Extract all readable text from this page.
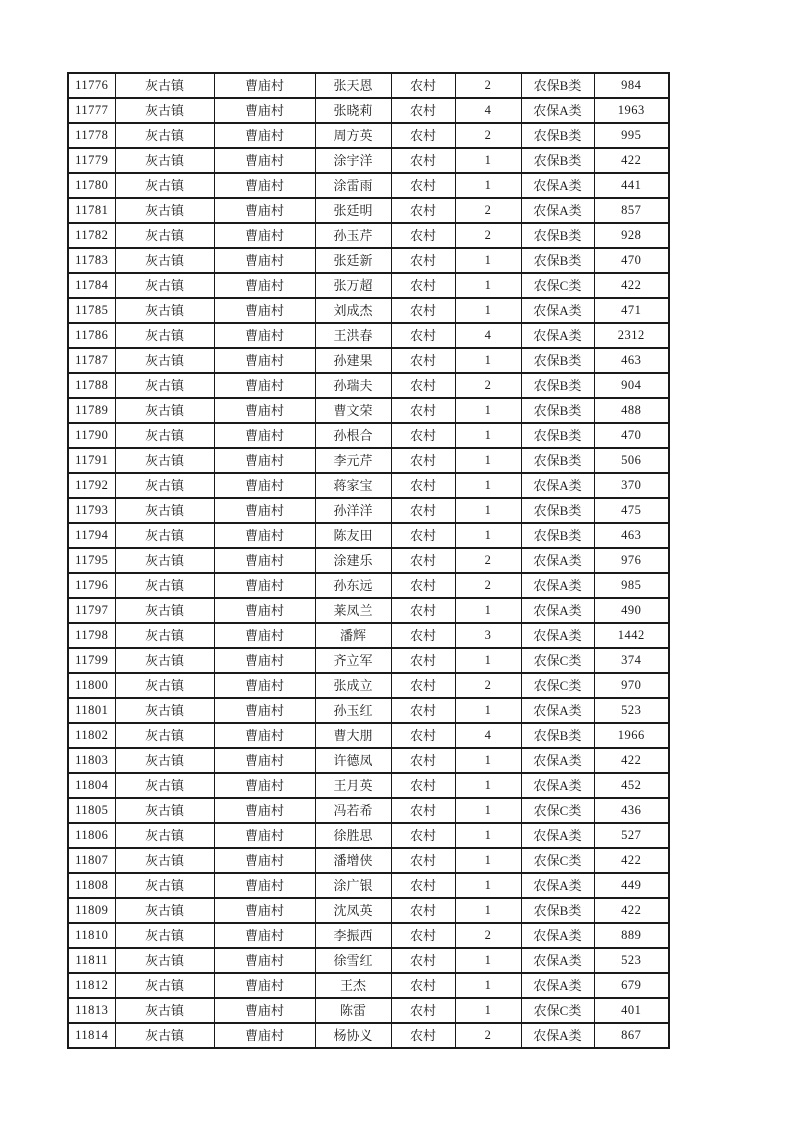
11776	灰古镇	曹庙村	张天恩	农村	2	农保B类	984
11777	灰古镇	曹庙村	张晓莉	农村	4	农保A类	1963
11778	灰古镇	曹庙村	周方英	农村	2	农保B类	995
11779	灰古镇	曹庙村	涂宇洋	农村	1	农保B类	422
11780	灰古镇	曹庙村	涂雷雨	农村	1	农保A类	441
11781	灰古镇	曹庙村	张廷明	农村	2	农保A类	857
11782	灰古镇	曹庙村	孙玉芹	农村	2	农保B类	928
11783	灰古镇	曹庙村	张廷新	农村	1	农保B类	470
11784	灰古镇	曹庙村	张万超	农村	1	农保C类	422
11785	灰古镇	曹庙村	刘成杰	农村	1	农保A类	471
11786	灰古镇	曹庙村	王洪春	农村	4	农保A类	2312
11787	灰古镇	曹庙村	孙建果	农村	1	农保B类	463
11788	灰古镇	曹庙村	孙瑞夫	农村	2	农保B类	904
11789	灰古镇	曹庙村	曹文荣	农村	1	农保B类	488
11790	灰古镇	曹庙村	孙根合	农村	1	农保B类	470
11791	灰古镇	曹庙村	李元芹	农村	1	农保B类	506
11792	灰古镇	曹庙村	蒋家宝	农村	1	农保A类	370
11793	灰古镇	曹庙村	孙洋洋	农村	1	农保B类	475
11794	灰古镇	曹庙村	陈友田	农村	1	农保B类	463
11795	灰古镇	曹庙村	涂建乐	农村	2	农保A类	976
11796	灰古镇	曹庙村	孙东远	农村	2	农保A类	985
11797	灰古镇	曹庙村	莱凤兰	农村	1	农保A类	490
11798	灰古镇	曹庙村	潘辉	农村	3	农保A类	1442
11799	灰古镇	曹庙村	齐立军	农村	1	农保C类	374
11800	灰古镇	曹庙村	张成立	农村	2	农保C类	970
11801	灰古镇	曹庙村	孙玉红	农村	1	农保A类	523
11802	灰古镇	曹庙村	曹大朋	农村	4	农保B类	1966
11803	灰古镇	曹庙村	许德凤	农村	1	农保A类	422
11804	灰古镇	曹庙村	王月英	农村	1	农保A类	452
11805	灰古镇	曹庙村	冯若希	农村	1	农保C类	436
11806	灰古镇	曹庙村	徐胜思	农村	1	农保A类	527
11807	灰古镇	曹庙村	潘增侠	农村	1	农保C类	422
11808	灰古镇	曹庙村	涂广银	农村	1	农保A类	449
11809	灰古镇	曹庙村	沈凤英	农村	1	农保B类	422
11810	灰古镇	曹庙村	李振西	农村	2	农保A类	889
11811	灰古镇	曹庙村	徐雪红	农村	1	农保A类	523
11812	灰古镇	曹庙村	王杰	农村	1	农保A类	679
11813	灰古镇	曹庙村	陈雷	农村	1	农保C类	401
11814	灰古镇	曹庙村	杨协义	农村	2	农保A类	867
